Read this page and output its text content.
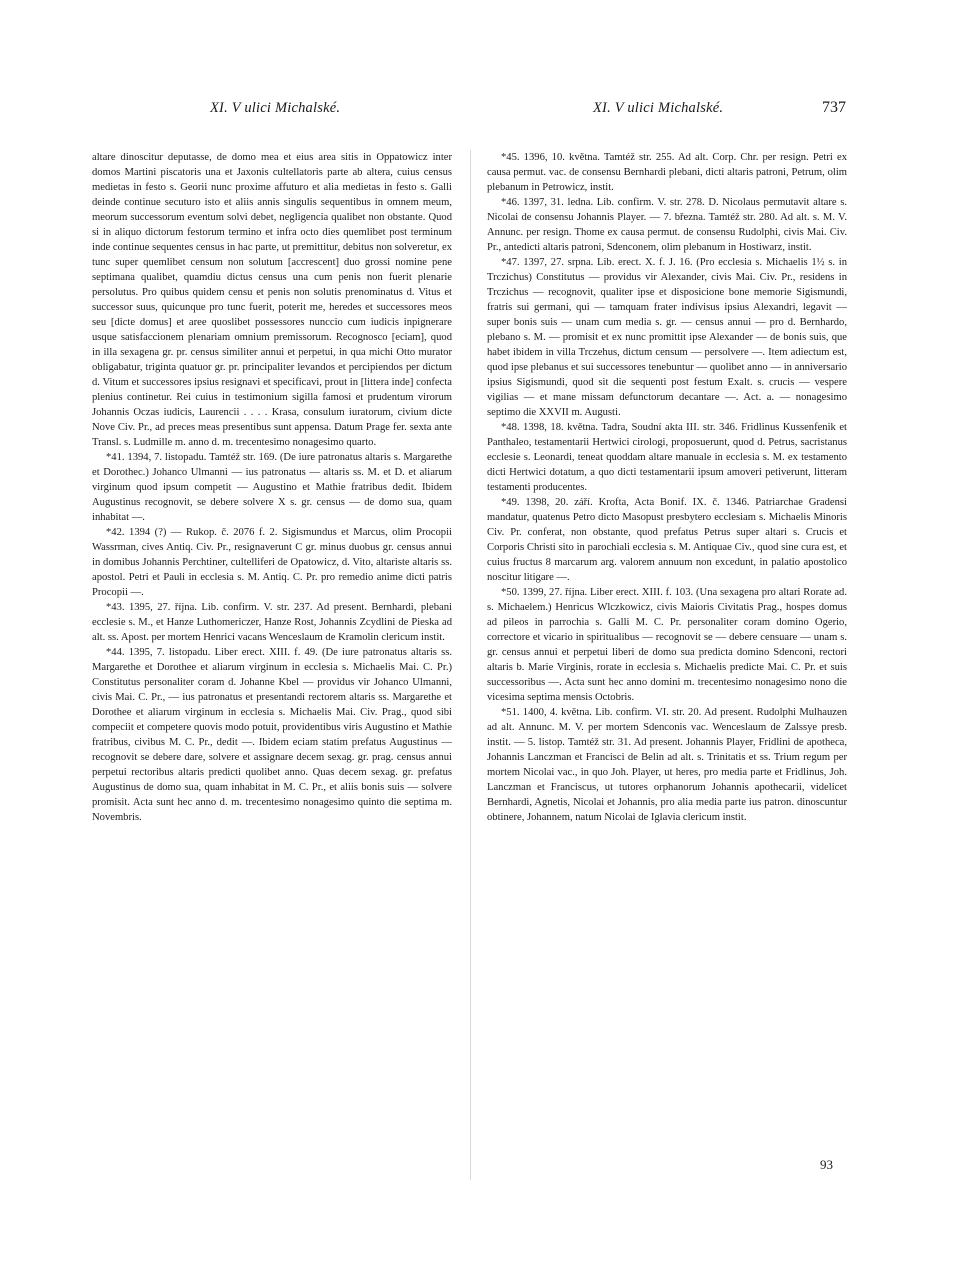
XI. V ulici Michalské.	XI. V ulici Michalské.	737

altare dinoscitur deputasse, de domo mea et eius area sitis in Oppatowicz inter domos Martini piscatoris una et Jaxonis cultellatoris parte ab altera, cuius census medietas in festo s. Georii nunc proxime affuturo et alia medietas in festo s. Galli deinde continue secuturo isto et aliis annis singulis sequentibus in omnem meum, meorum successorum eventum solvi debet, negligencia qualibet non obstante. Quod si in aliquo dictorum festorum termino et infra octo dies quemlibet post terminum inde continue sequentes census in hac parte, ut premittitur, debitus non solveretur, ex tunc super quemlibet censum non solutum [accrescent] duo grossi nomine pene septimana qualibet, quamdiu dictus census una cum penis non fuerit plenarie persolutus. Pro quibus quidem censu et penis non solutis prenominatus d. Vitus et successor suus, quicunque pro tunc fuerit, poterit me, heredes et successores meos seu [dicte domus] et aree quoslibet possessores nunccio cum iudicis inpignerare usque satisfaccionem plenariam omnium premissorum. Recognosco [eciam], quod in illa sexagena gr. pr. census similiter annui et perpetui, in qua michi Otto murator obligabatur, triginta quatuor gr. pr. principaliter levandos et percipiendos per dictum d. Vitum et successores ipsius resignavi et specificavi, prout in [littera inde] confecta plenius continetur. Rei cuius in testimonium sigilla famosi et prudentum virorum Johannis Oczas iudicis, Laurencii . . . . Krasa, consulum iuratorum, civium dicte Nove Civ. Pr., ad preces meas presentibus sunt appensa. Datum Prage fer. sexta ante Transl. s. Ludmille m. anno d. m. trecentesimo nonagesimo quarto.

*41. 1394, 7. listopadu. Tamtéž str. 169. (De iure patronatus altaris s. Margarethe et Dorothec.) Johanco Ulmanni — ius patronatus — altaris ss. M. et D. et aliarum virginum quod ipsum competit — Augustino et Mathie fratribus dedit. Ibidem Augustinus recognovit, se debere solvere X s. gr. census — de domo sua, quam inhabitat —.

*42. 1394 (?) — Rukop. č. 2076 f. 2. Sigismundus et Marcus, olim Procopii Wassrman, cives Antiq. Civ. Pr., resignaverunt C gr. minus duobus gr. census annui in domibus Johannis Perchtiner, cultelliferi de Opatowicz, d. Vito, altariste altaris ss. apostol. Petri et Pauli in ecclesia s. M. Antiq. C. Pr. pro remedio anime dicti patris Procopii —.

*43. 1395, 27. října. Lib. confirm. V. str. 237. Ad present. Bernhardi, plebani ecclesie s. M., et Hanze Luthomericzer, Hanze Rost, Johannis Zcydlini de Pieska ad alt. ss. Apost. per mortem Henrici vacans Wenceslaum de Kramolin clericum instit.

*44. 1395, 7. listopadu. Liber erect. XIII. f. 49. (De iure patronatus altaris ss. Margarethe et Dorothee et aliarum virginum in ecclesia s. Michaelis Mai. C. Pr.) Constitutus personaliter coram d. Johanne Kbel — providus vir Johanco Ulmanni, civis Mai. C. Pr., — ius patronatus et presentandi rectorem altaris ss. Margarethe et Dorothee et aliarum virginum in ecclesia s. Michaelis Mai. Civ. Prag., quod sibi compeciit et competere quovis modo potuit, providentibus viris Augustino et Mathie fratribus, civibus M. C. Pr., dedit —. Ibidem eciam statim prefatus Augustinus — recognovit se debere dare, solvere et assignare decem sexag. gr. prag. census annui perpetui rectoribus altaris predicti quolibet anno. Quas decem sexag. gr. prefatus Augustinus de domo sua, quam inhabitat in M. C. Pr., et aliis bonis suis — solvere promisit. Acta sunt hec anno d. m. trecentesimo nonagesimo quinto die septima m. Novembris.

*45. 1396, 10. května. Tamtéž str. 255. Ad alt. Corp. Chr. per resign. Petri ex causa permut. vac. de consensu Bernhardi plebani, dicti altaris patroni, Petrum, olim plebanum in Petrowicz, instit.

*46. 1397, 31. ledna. Lib. confirm. V. str. 278. D. Nicolaus permutavit altare s. Nicolai de consensu Johannis Player. — 7. března. Tamtéž str. 280. Ad alt. s. M. V. Annunc. per resign. Thome ex causa permut. de consensu Rudolphi, civis Mai. Civ. Pr., antedicti altaris patroni, Sdenconem, olim plebanum in Hostiwarz, instit.

*47. 1397, 27. srpna. Lib. erect. X. f. J. 16. (Pro ecclesia s. Michaelis 1½ s. in Trczichus) Constitutus — providus vir Alexander, civis Mai. Civ. Pr., residens in Trczichus — recognovit, qualiter ipse et disposicione bone memorie Sigismundi, fratris sui germani, qui — tamquam frater indivisus ipsius Alexandri, legavit — super bonis suis — unam cum media s. gr. — census annui — pro d. Bernhardo, plebano s. M. — promisit et ex nunc promittit ipse Alexander — de bonis suis, que habet ibidem in villa Trczehus, dictum censum — persolvere —. Item adiectum est, quod ipse plebanus et sui successores tenebuntur — quolibet anno — in anniversario ipsius Sigismundi, quod sit die sequenti post festum Exalt. s. crucis — vespere vigilias — et mane missam defunctorum decantare —. Act. a. — nonagesimo septimo die XXVII m. Augusti.

*48. 1398, 18. května. Tadra, Soudní akta III. str. 346. Fridlinus Kussenfenik et Panthaleo, testamentarii Hertwici cirologi, proposuerunt, quod d. Petrus, sacristanus ecclesie s. Leonardi, teneat quoddam altare manuale in ecclesia s. M. ex testamento dicti Hertwici dotatum, a quo dicti testamentarii ipsum amoveri petiverunt, litteram testamenti producentes.

*49. 1398, 20. září. Krofta, Acta Bonif. IX. č. 1346. Patriarchae Gradensi mandatur, quatenus Petro dicto Masopust presbytero ecclesiam s. Michaelis Minoris Civ. Pr. conferat, non obstante, quod prefatus Petrus super altari s. Crucis et Corporis Christi sito in parochiali ecclesia s. M. Antiquae Civ., quod sine cura est, et cuius fructus 8 marcarum arg. valorem annuum non excedunt, in palatio apostolico noscitur litigare —.

*50. 1399, 27. října. Liber erect. XIII. f. 103. (Una sexagena pro altari Rorate ad. s. Michaelem.) Henricus Wlczkowicz, civis Maioris Civitatis Prag., hospes domus ad pileos in parrochia s. Galli M. C. Pr. personaliter coram domino Ogerio, correctore et vicario in spiritualibus — recognovit se — debere censuare — unam s. gr. census annui et perpetui liberi de domo sua predicta domino Sdenconi, rectori altaris b. Marie Virginis, rorate in ecclesia s. Michaelis predicte Mai. C. Pr. et suis successoribus —. Acta sunt hec anno domini m. trecentesimo nonagesimo nono die vicesima septima mensis Octobris.

*51. 1400, 4. května. Lib. confirm. VI. str. 20. Ad present. Rudolphi Mulhauzen ad alt. Annunc. M. V. per mortem Sdenconis vac. Wenceslaum de Zalssye presb. instit. — 5. listop. Tamtéž str. 31. Ad present. Johannis Player, Fridlini de apotheca, Johannis Lanczman et Francisci de Belin ad alt. s. Trinitatis et ss. Trium regum per mortem Nicolai vac., in quo Joh. Player, ut heres, pro media parte et Fridlinus, Joh. Lanczman et Franciscus, ut tutores orphanorum Johannis apothecarii, videlicet Bernhardi, Agnetis, Nicolai et Johannis, pro alia media parte ius patron. dinoscuntur obtinere, Johannem, natum Nicolai de Iglavia clericum instit.

93
